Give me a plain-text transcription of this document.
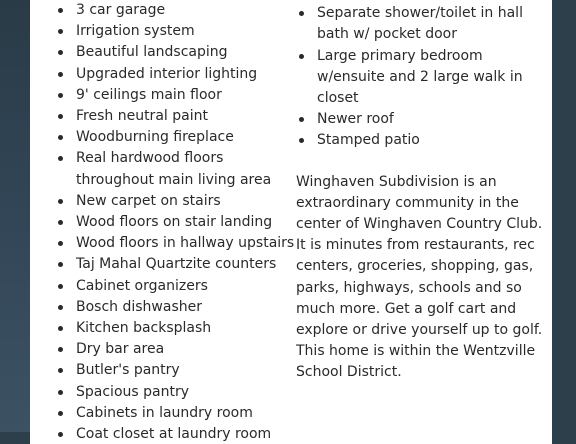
3 car garage
Irrigation system
Beautiful landscaping
Upgraded interior lighting
9' ceilings main floor
Fresh neutral paint
Woodburning fireplace
Real hardwood floors throughout main living area
New carpet on stairs
Wood floors on stair landing
Wood floors in hallway upstairs
Taj Mahal Quartzite counters
Cabinet organizers
Bosch dishwasher
Kitchen backsplash
Dry bar area
Butler's pantry
Spacious pantry
Cabinets in laundry room
Coat closet at laundry room
Separate shower/toilet in hall bath w/ pocket door
Large primary bedroom w/ensuite and 2 large walk in closet
Newer roof
Stamped patio

Winghaven Subdivision is an extraordinary community in the center of Winghaven Country Club. It is minutes from restaurants, rec centers, groceries, shopping, gas, parks, highways, schools and so much more. Get a golf cart and explore or drive yourself up to golf. This home is within the Wentzville School District.
